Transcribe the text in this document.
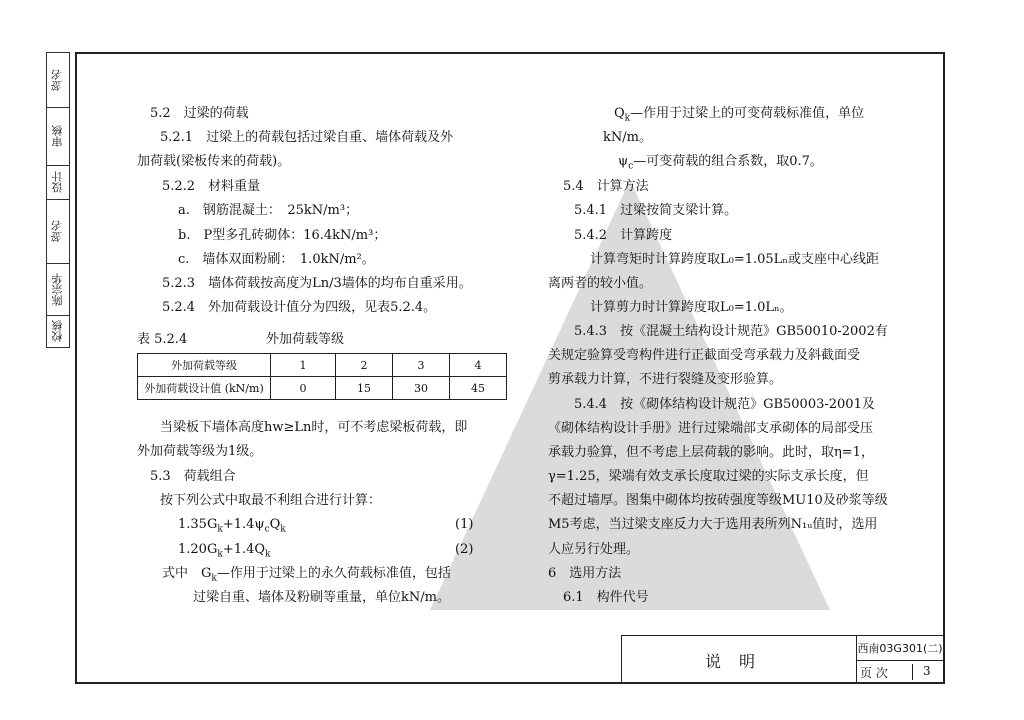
签名
审核
设计
签名
陈宗华
校核
5.2　过梁的荷载
5.2.1　过梁上的荷载包括过梁自重、墙体荷载及外
加荷载(梁板传来的荷载)。
5.2.2　材料重量
a.　钢筋混凝土：　25kN/m³；
b.　P型多孔砖砌体：16.4kN/m³；
c.　墙体双面粉刷：　1.0kN/m²。
5.2.3　墙体荷载按高度为Ln/3墙体的均布自重采用。
5.2.4　外加荷载设计值分为四级，见表5.2.4。
表 5.2.4	外加荷载等级
外加荷载等级	1	2	3	4
外加荷载设计值 (kN/m)	0	15	30	45
当梁板下墙体高度hw≥Ln时，可不考虑梁板荷载，即
外加荷载等级为1级。
5.3　荷载组合
按下列公式中取最不利组合进行计算：
$1.35G_k+1.4\psi_cQ_k$	(1)
$1.20G_k+1.4Q_k$	(2)
式中　$G_k—$作用于过梁上的永久荷载标准值，包括
过梁自重、墙体及粉刷等重量，单位kN/m。
$Q_k—$作用于过梁上的可变荷载标准值，单位
kN/m。
$\psi_c—$可变荷载的组合系数，取0.7。
5.4　计算方法
5.4.1　过梁按简支梁计算。
5.4.2　计算跨度
计算弯矩时计算跨度取L₀=1.05Lₙ或支座中心线距
离两者的较小值。
计算剪力时计算跨度取L₀=1.0Lₙ。
5.4.3　按《混凝土结构设计规范》GB50010-2002有
关规定验算受弯构件进行正截面受弯承载力及斜截面受
剪承载力计算，不进行裂缝及变形验算。
5.4.4　按《砌体结构设计规范》GB50003-2001及
《砌体结构设计手册》进行过梁端部支承砌体的局部受压
承载力验算，但不考虑上层荷载的影响。此时，取η=1，
γ=1.25，梁端有效支承长度取过梁的实际支承长度，但
不超过墙厚。图集中砌体均按砖强度等级MU10及砂浆等级
M5考虑，当过梁支座反力大于选用表所列N₁ᵤ值时，选用
人应另行处理。
6　选用方法
6.1　构件代号
说明
西南03G301(二)
页 次	3
